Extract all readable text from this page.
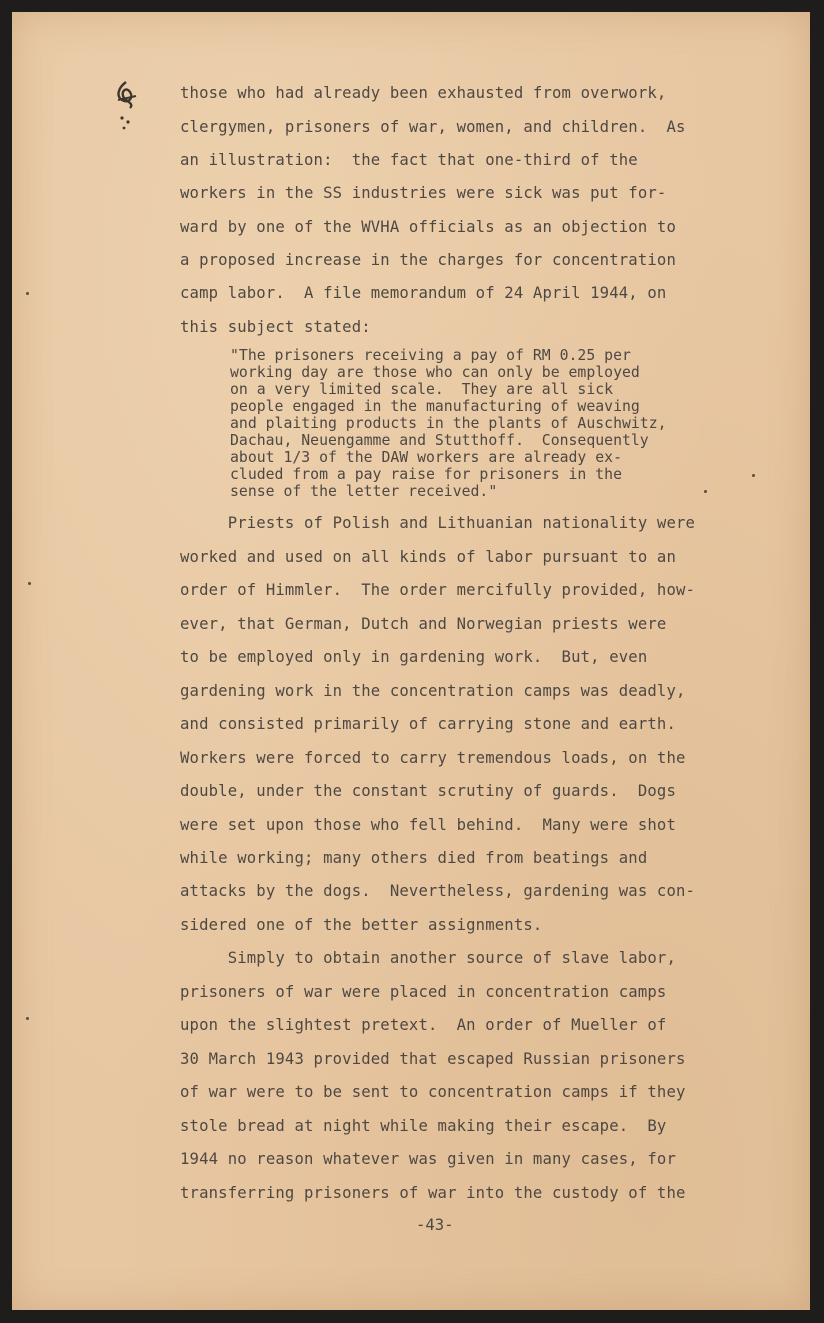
those who had already been exhausted from overwork,

clergymen, prisoners of war, women, and children.  As

an illustration:  the fact that one-third of the

workers in the SS industries were sick was put for-

ward by one of the WVHA officials as an objection to

a proposed increase in the charges for concentration

camp labor.  A file memorandum of 24 April 1944, on

this subject stated:

"The prisoners receiving a pay of RM 0.25 per

working day are those who can only be employed

on a very limited scale.  They are all sick

people engaged in the manufacturing of weaving

and plaiting products in the plants of Auschwitz,

Dachau, Neuengamme and Stutthoff.  Consequently

about 1/3 of the DAW workers are already ex-

cluded from a pay raise for prisoners in the

sense of the letter received."

Priests of Polish and Lithuanian nationality were

worked and used on all kinds of labor pursuant to an

order of Himmler.  The order mercifully provided, how-

ever, that German, Dutch and Norwegian priests were

to be employed only in gardening work.  But, even

gardening work in the concentration camps was deadly,

and consisted primarily of carrying stone and earth.

Workers were forced to carry tremendous loads, on the

double, under the constant scrutiny of guards.  Dogs

were set upon those who fell behind.  Many were shot

while working; many others died from beatings and

attacks by the dogs.  Nevertheless, gardening was con-

sidered one of the better assignments.

Simply to obtain another source of slave labor,

prisoners of war were placed in concentration camps

upon the slightest pretext.  An order of Mueller of

30 March 1943 provided that escaped Russian prisoners

of war were to be sent to concentration camps if they

stole bread at night while making their escape.  By

1944 no reason whatever was given in many cases, for

transferring prisoners of war into the custody of the

-43-
